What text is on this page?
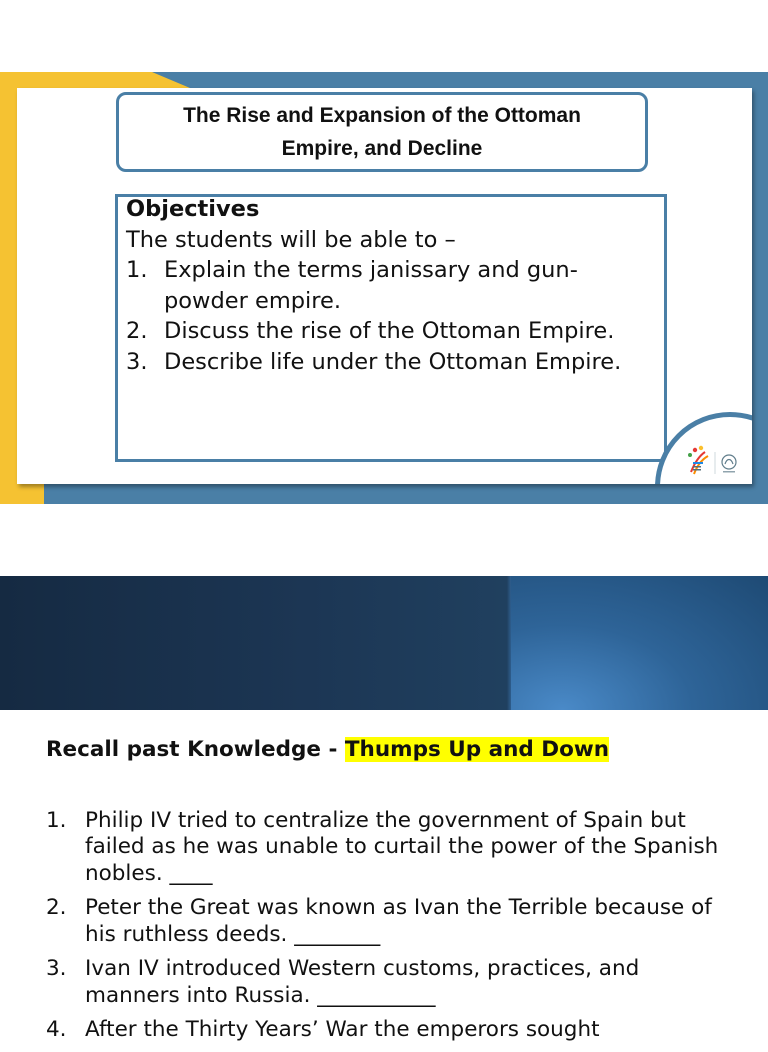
The Rise and Expansion of the Ottoman Empire, and Decline
Objectives
The students will be able to –
1. Explain the terms janissary and gun-powder empire.
2. Discuss the rise of the Ottoman Empire.
3. Describe life under the Ottoman Empire.
Recall past Knowledge - Thumps Up and Down
1. Philip IV tried to centralize the government of Spain but failed as he was unable to curtail the power of the Spanish nobles. ____
2. Peter the Great was known as Ivan the Terrible because of his ruthless deeds. ________
3. Ivan IV introduced Western customs, practices, and manners into Russia. ___________
4. After the Thirty Years’ War the emperors sought
